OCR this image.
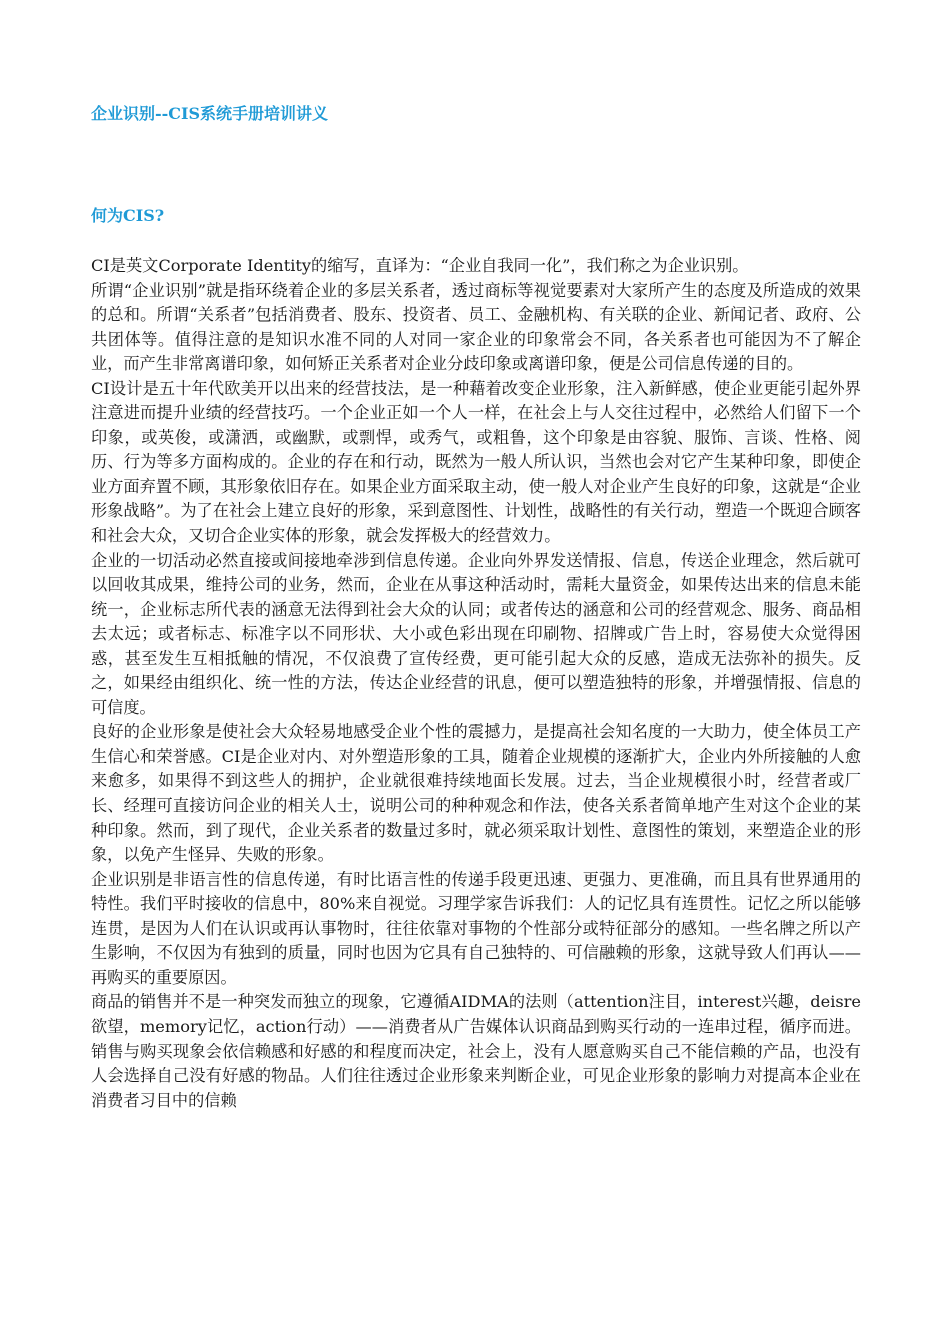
企业识别--CIS系统手册培训讲义
何为CIS?

CI是英文Corporate Identity的缩写，直译为：“企业自我同一化”，我们称之为企业识别。

所谓“企业识别”就是指环绕着企业的多层关系者，透过商标等视觉要素对大家所产生的态度及所造成的效果的总和。所谓“关系者”包括消费者、股东、投资者、员工、金融机构、有关联的企业、新闻记者、政府、公共团体等。值得注意的是知识水准不同的人对同一家企业的印象常会不同，各关系者也可能因为不了解企业，而产生非常离谱印象，如何矫正关系者对企业分歧印象或离谱印象，便是公司信息传递的目的。

CI设计是五十年代欧美开以出来的经营技法，是一种藉着改变企业形象，注入新鲜感，使企业更能引起外界注意进而提升业绩的经营技巧。一个企业正如一个人一样，在社会上与人交往过程中，必然给人们留下一个印象，或英俊，或潇洒，或幽默，或剽悍，或秀气，或粗鲁，这个印象是由容貌、服饰、言谈、性格、阅历、行为等多方面构成的。企业的存在和行动，既然为一般人所认识，当然也会对它产生某种印象，即使企业方面弃置不顾，其形象依旧存在。如果企业方面采取主动，使一般人对企业产生良好的印象，这就是“企业形象战略”。为了在社会上建立良好的形象，采到意图性、计划性，战略性的有关行动，塑造一个既迎合顾客和社会大众，又切合企业实体的形象，就会发挥极大的经营效力。

企业的一切活动必然直接或间接地牵涉到信息传递。企业向外界发送情报、信息，传送企业理念，然后就可以回收其成果，维持公司的业务，然而，企业在从事这种活动时，需耗大量资金，如果传达出来的信息未能统一，企业标志所代表的涵意无法得到社会大众的认同；或者传达的涵意和公司的经营观念、服务、商品相去太远；或者标志、标准字以不同形状、大小或色彩出现在印刷物、招牌或广告上时，容易使大众觉得困惑，甚至发生互相抵触的情况，不仅浪费了宣传经费，更可能引起大众的反感，造成无法弥补的损失。反之，如果经由组织化、统一性的方法，传达企业经营的讯息，便可以塑造独特的形象，并增强情报、信息的可信度。

良好的企业形象是使社会大众轻易地感受企业个性的震撼力，是提高社会知名度的一大助力，使全体员工产生信心和荣誉感。CI是企业对内、对外塑造形象的工具，随着企业规模的逐渐扩大，企业内外所接触的人愈来愈多，如果得不到这些人的拥护，企业就很难持续地面长发展。过去，当企业规模很小时，经营者或厂长、经理可直接访问企业的相关人士，说明公司的种种观念和作法，使各关系者简单地产生对这个企业的某种印象。然而，到了现代，企业关系者的数量过多时，就必须采取计划性、意图性的策划，来塑造企业的形象，以免产生怪异、失败的形象。

企业识别是非语言性的信息传递，有时比语言性的传递手段更迅速、更强力、更准确，而且具有世界通用的特性。我们平时接收的信息中，80%来自视觉。习理学家告诉我们：人的记忆具有连贯性。记忆之所以能够连贯，是因为人们在认识或再认事物时，往往依靠对事物的个性部分或特征部分的感知。一些名牌之所以产生影响，不仅因为有独到的质量，同时也因为它具有自己独特的、可信融赖的形象，这就导致人们再认——再购买的重要原因。

商品的销售并不是一种突发而独立的现象，它遵循AIDMA的法则（attention注目，interest兴趣，deisre欲望，memory记忆，action行动）——消费者从广告媒体认识商品到购买行动的一连串过程，循序而进。销售与购买现象会依信赖感和好感的和程度而决定，社会上，没有人愿意购买自己不能信赖的产品，也没有人会选择自己没有好感的物品。人们往往透过企业形象来判断企业，可见企业形象的影响力对提高本企业在消费者习目中的信赖
